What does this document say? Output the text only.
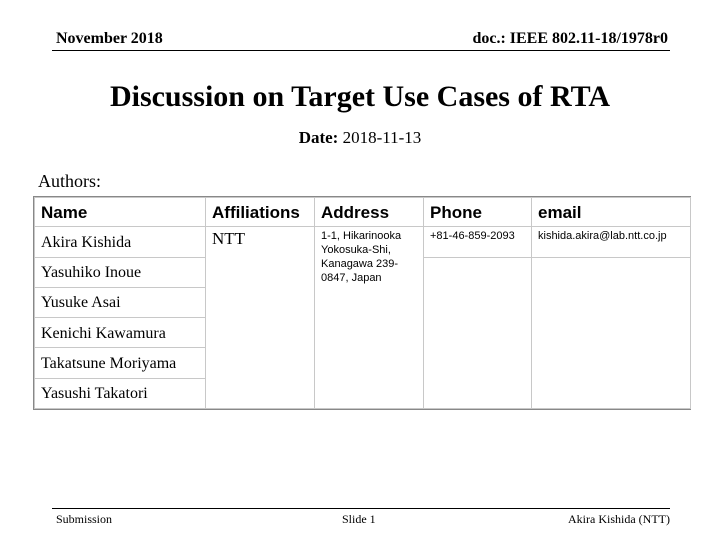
November 2018	doc.: IEEE 802.11-18/1978r0
Discussion on Target Use Cases of RTA
Date: 2018-11-13
Authors:
Name	Affiliations	Address	Phone	email
Akira Kishida	NTT	1-1, Hikarinooka Yokosuka-Shi, Kanagawa 239-0847, Japan	+81-46-859-2093	kishida.akira@lab.ntt.co.jp
Yasuhiko Inoue				
Yusuke Asai				
Kenichi Kawamura				
Takatsune Moriyama				
Yasushi Takatori				
Submission	Slide 1	Akira Kishida (NTT)
